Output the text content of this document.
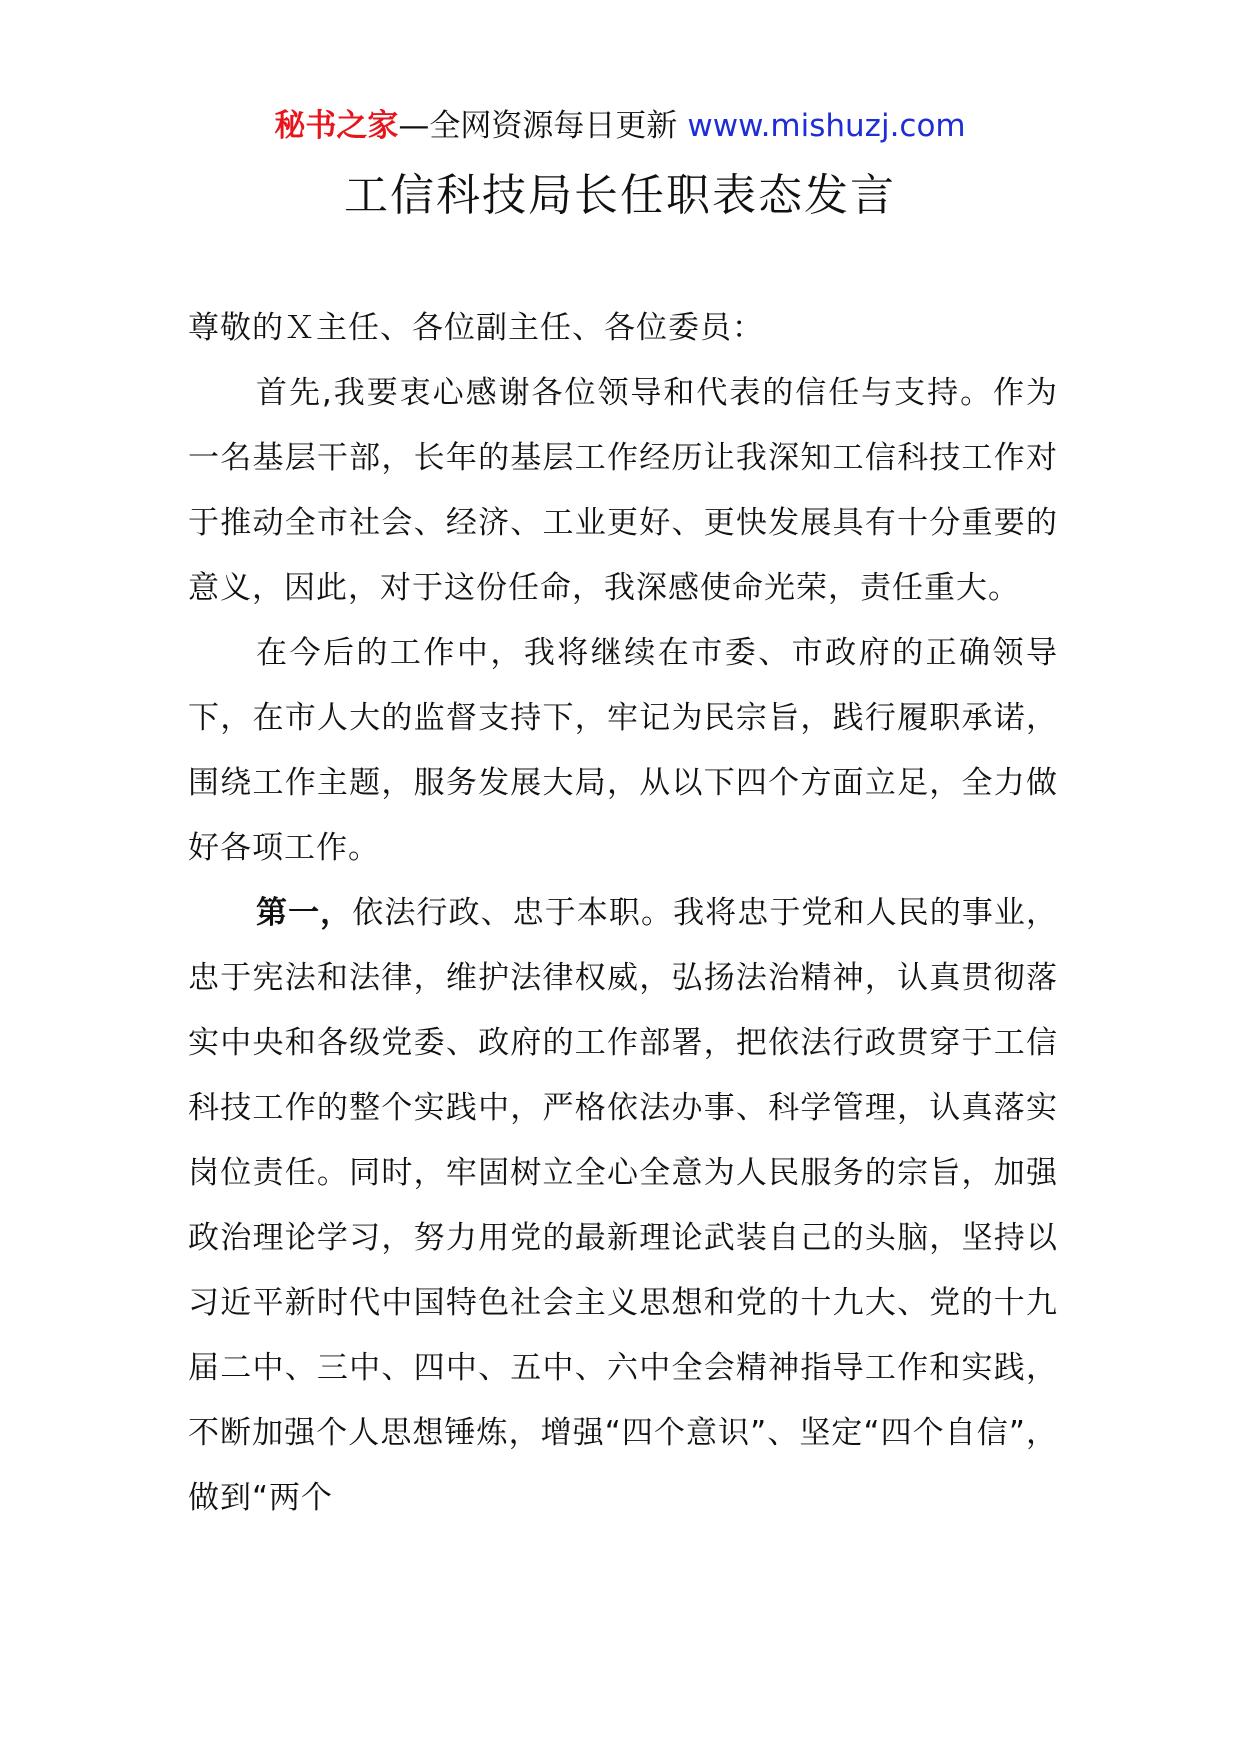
秘书之家—全网资源每日更新 www.mishuzj.com
工信科技局长任职表态发言

尊敬的Ｘ主任、各位副主任、各位委员：

首先,我要衷心感谢各位领导和代表的信任与支持。作为一名基层干部，长年的基层工作经历让我深知工信科技工作对于推动全市社会、经济、工业更好、更快发展具有十分重要的意义，因此，对于这份任命，我深感使命光荣，责任重大。

在今后的工作中，我将继续在市委、市政府的正确领导下，在市人大的监督支持下，牢记为民宗旨，践行履职承诺，围绕工作主题，服务发展大局，从以下四个方面立足，全力做好各项工作。

第一，依法行政、忠于本职。我将忠于党和人民的事业，忠于宪法和法律，维护法律权威，弘扬法治精神，认真贯彻落实中央和各级党委、政府的工作部署，把依法行政贯穿于工信科技工作的整个实践中，严格依法办事、科学管理，认真落实岗位责任。同时，牢固树立全心全意为人民服务的宗旨，加强政治理论学习，努力用党的最新理论武装自己的头脑，坚持以习近平新时代中国特色社会主义思想和党的十九大、党的十九届二中、三中、四中、五中、六中全会精神指导工作和实践，不断加强个人思想锤炼，增强“四个意识”、坚定“四个自信”，做到“两个
